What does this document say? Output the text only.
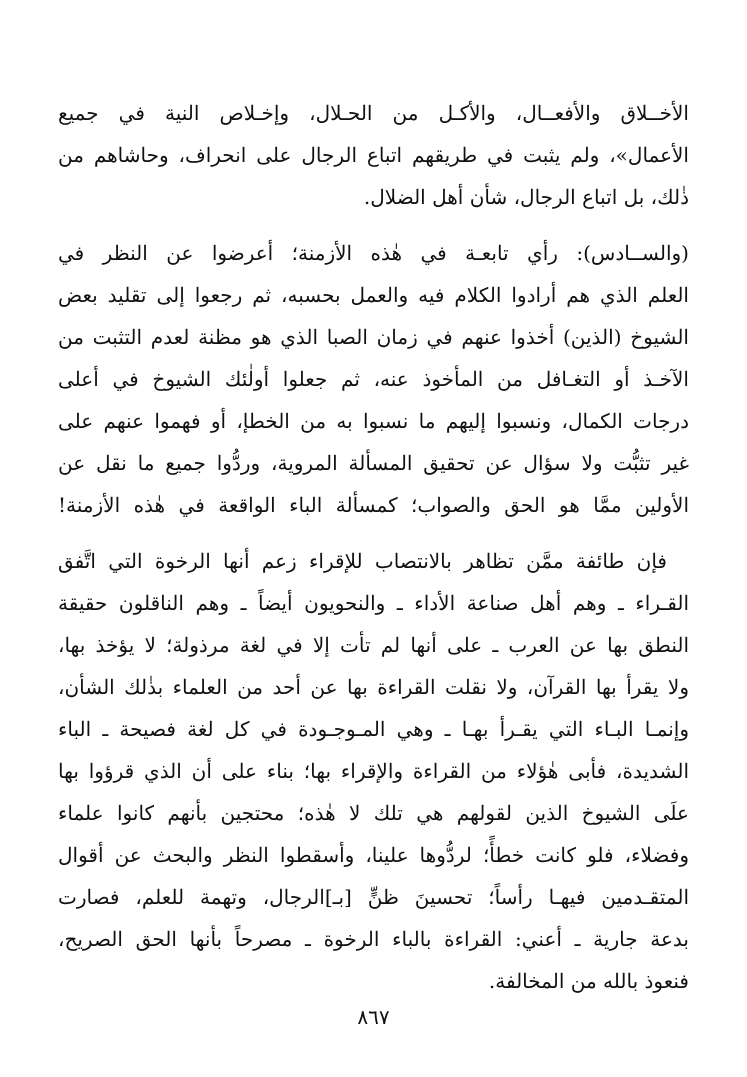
الأخــلاق والأفعــال، والأكـل من الحـلال، وإخـلاص النية في جميع
الأعمال»، ولم يثبت في طريقهم اتباع الرجال على انحراف، وحاشاهم من
ذٰلك، بل اتباع الرجال، شأن أهل الضلال.
(والســادس): رأي تابعـة في هٰذه الأزمنة؛ أعرضوا عن النظر في
العلم الذي هم أرادوا الكلام فيه والعمل بحسبه، ثم رجعوا إلى تقليد بعض
الشيوخ (الذين) أخذوا عنهم في زمان الصبا الذي هو مظنة لعدم التثبت من
الآخـذ أو التغـافل من المأخوذ عنه، ثم جعلوا أولٰئك الشيوخ في أعلى
درجات الكمال، ونسبوا إليهم ما نسبوا به من الخطإ، أو فهموا عنهم على
غير تثبُّت ولا سؤال عن تحقيق المسألة المروية، وردُّوا جميع ما نقل عن
الأولين ممَّا هو الحق والصواب؛ كمسألة الباء الواقعة في هٰذه الأزمنة!
فإن طائفة ممَّن تظاهر بالانتصاب للإقراء زعم أنها الرخوة التي اتَّفق
القـراء ـ وهم أهل صناعة الأداء ـ والنحويون أيضاً ـ وهم الناقلون حقيقة
النطق بها عن العرب ـ على أنها لم تأت إلا في لغة مرذولة؛ لا يؤخذ بها،
ولا يقرأ بها القرآن، ولا نقلت القراءة بها عن أحد من العلماء بذٰلك الشأن،
وإنمـا البـاء التي يقـرأ بهـا ـ وهي المـوجـودة في كل لغة فصيحة ـ الباء
الشديدة، فأبى هٰؤلاء من القراءة والإقراء بها؛ بناء على أن الذي قرؤوا بها
علَى الشيوخ الذين لقولهم هي تلك لا هٰذه؛ محتجين بأنهم كانوا علماء
وفضلاء، فلو كانت خطأً؛ لردُّوها علينا، وأسقطوا النظر والبحث عن أقوال
المتقـدمين فيهـا رأساً؛ تحسينَ ظنٍّ [بـ]الرجال، وتهمة للعلم، فصارت
بدعة جارية ـ أعني: القراءة بالباء الرخوة ـ مصرحاً بأنها الحق الصريح،
فنعوذ بالله من المخالفة.
٨٦٧
